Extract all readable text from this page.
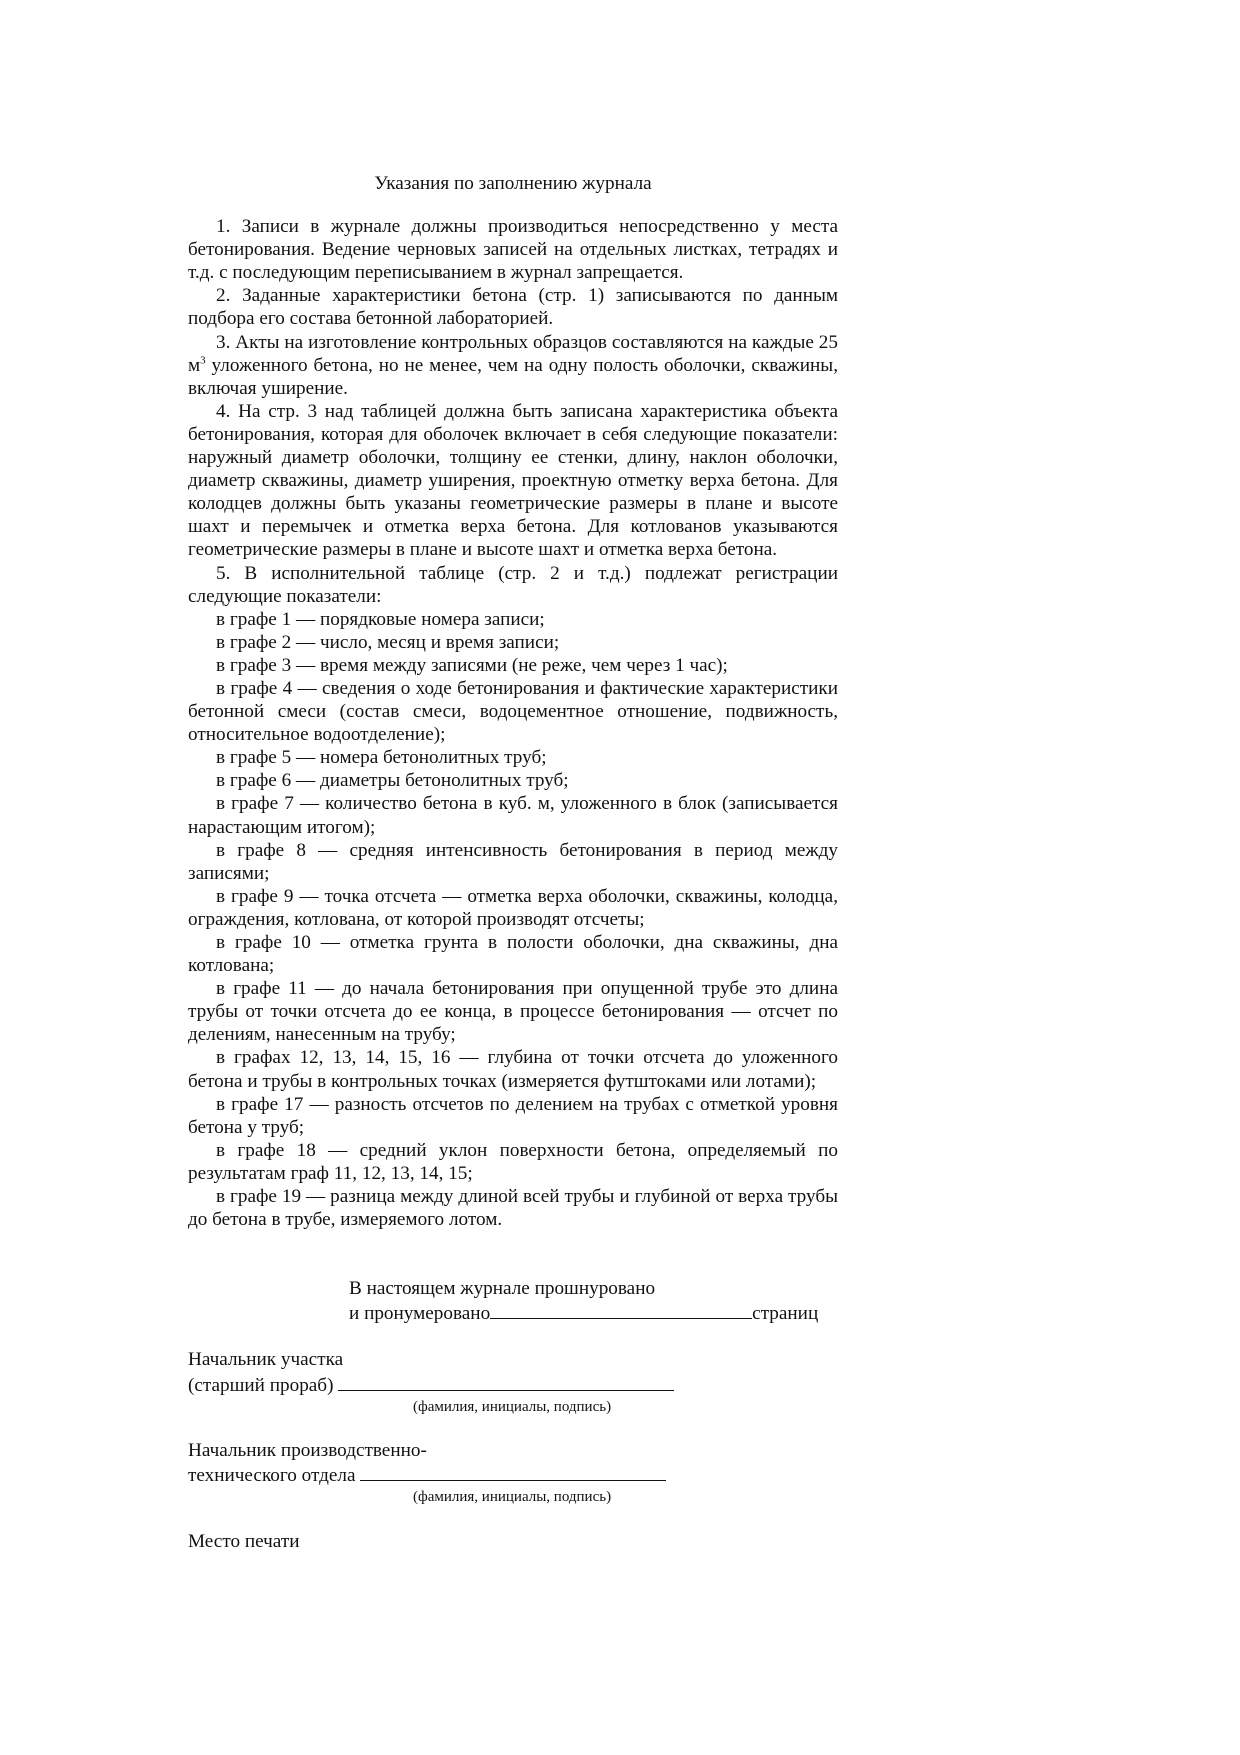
Указания по заполнению журнала

1. Записи в журнале должны производиться непосредственно у места бетонирования. Ведение черновых записей на отдельных листках, тетрадях и т.д. с последующим переписыванием в журнал запрещается.

2. Заданные характеристики бетона (стр. 1) записываются по данным подбора его состава бетонной лабораторией.

3. Акты на изготовление контрольных образцов составляются на каждые 25 $м^3$ уложенного бетона, но не менее, чем на одну полость оболочки, скважины, включая уширение.

4. На стр. 3 над таблицей должна быть записана характеристика объекта бетонирования, которая для оболочек включает в себя следующие показатели: наружный диаметр оболочки, толщину ее стенки, длину, наклон оболочки, диаметр скважины, диаметр уширения, проектную отметку верха бетона. Для колодцев должны быть указаны геометрические размеры в плане и высоте шахт и перемычек и отметка верха бетона. Для котлованов указываются геометрические размеры в плане и высоте шахт и отметка верха бетона.

5. В исполнительной таблице (стр. 2 и т.д.) подлежат регистрации следующие показатели:

в графе 1 — порядковые номера записи;

в графе 2 — число, месяц и время записи;

в графе 3 — время между записями (не реже, чем через 1 час);

в графе 4 — сведения о ходе бетонирования и фактические характеристики бетонной смеси (состав смеси, водоцементное отношение, подвижность, относительное водоотделение);

в графе 5 — номера бетонолитных труб;

в графе 6 — диаметры бетонолитных труб;

в графе 7 — количество бетона в куб. м, уложенного в блок (записывается нарастающим итогом);

в графе 8 — средняя интенсивность бетонирования в период между записями;

в графе 9 — точка отсчета — отметка верха оболочки, скважины, колодца, ограждения, котлована, от которой производят отсчеты;

в графе 10 — отметка грунта в полости оболочки, дна скважины, дна котлована;

в графе 11 — до начала бетонирования при опущенной трубе это длина трубы от точки отсчета до ее конца, в процессе бетонирования — отсчет по делениям, нанесенным на трубу;

в графах 12, 13, 14, 15, 16 — глубина от точки отсчета до уложенного бетона и трубы в контрольных точках (измеряется футштоками или лотами);

в графе 17 — разность отсчетов по делением на трубах с отметкой уровня бетона у труб;

в графе 18 — средний уклон поверхности бетона, определяемый по результатам граф 11, 12, 13, 14, 15;

в графе 19 — разница между длиной всей трубы и глубиной от верха трубы до бетона в трубе, измеряемого лотом.

В настоящем журнале прошнуровано
и пронумеровано	страниц
Начальник участка
(старший прораб)
(фамилия, инициалы, подпись)
Начальник производственно-
технического отдела
(фамилия, инициалы, подпись)
Место печати
